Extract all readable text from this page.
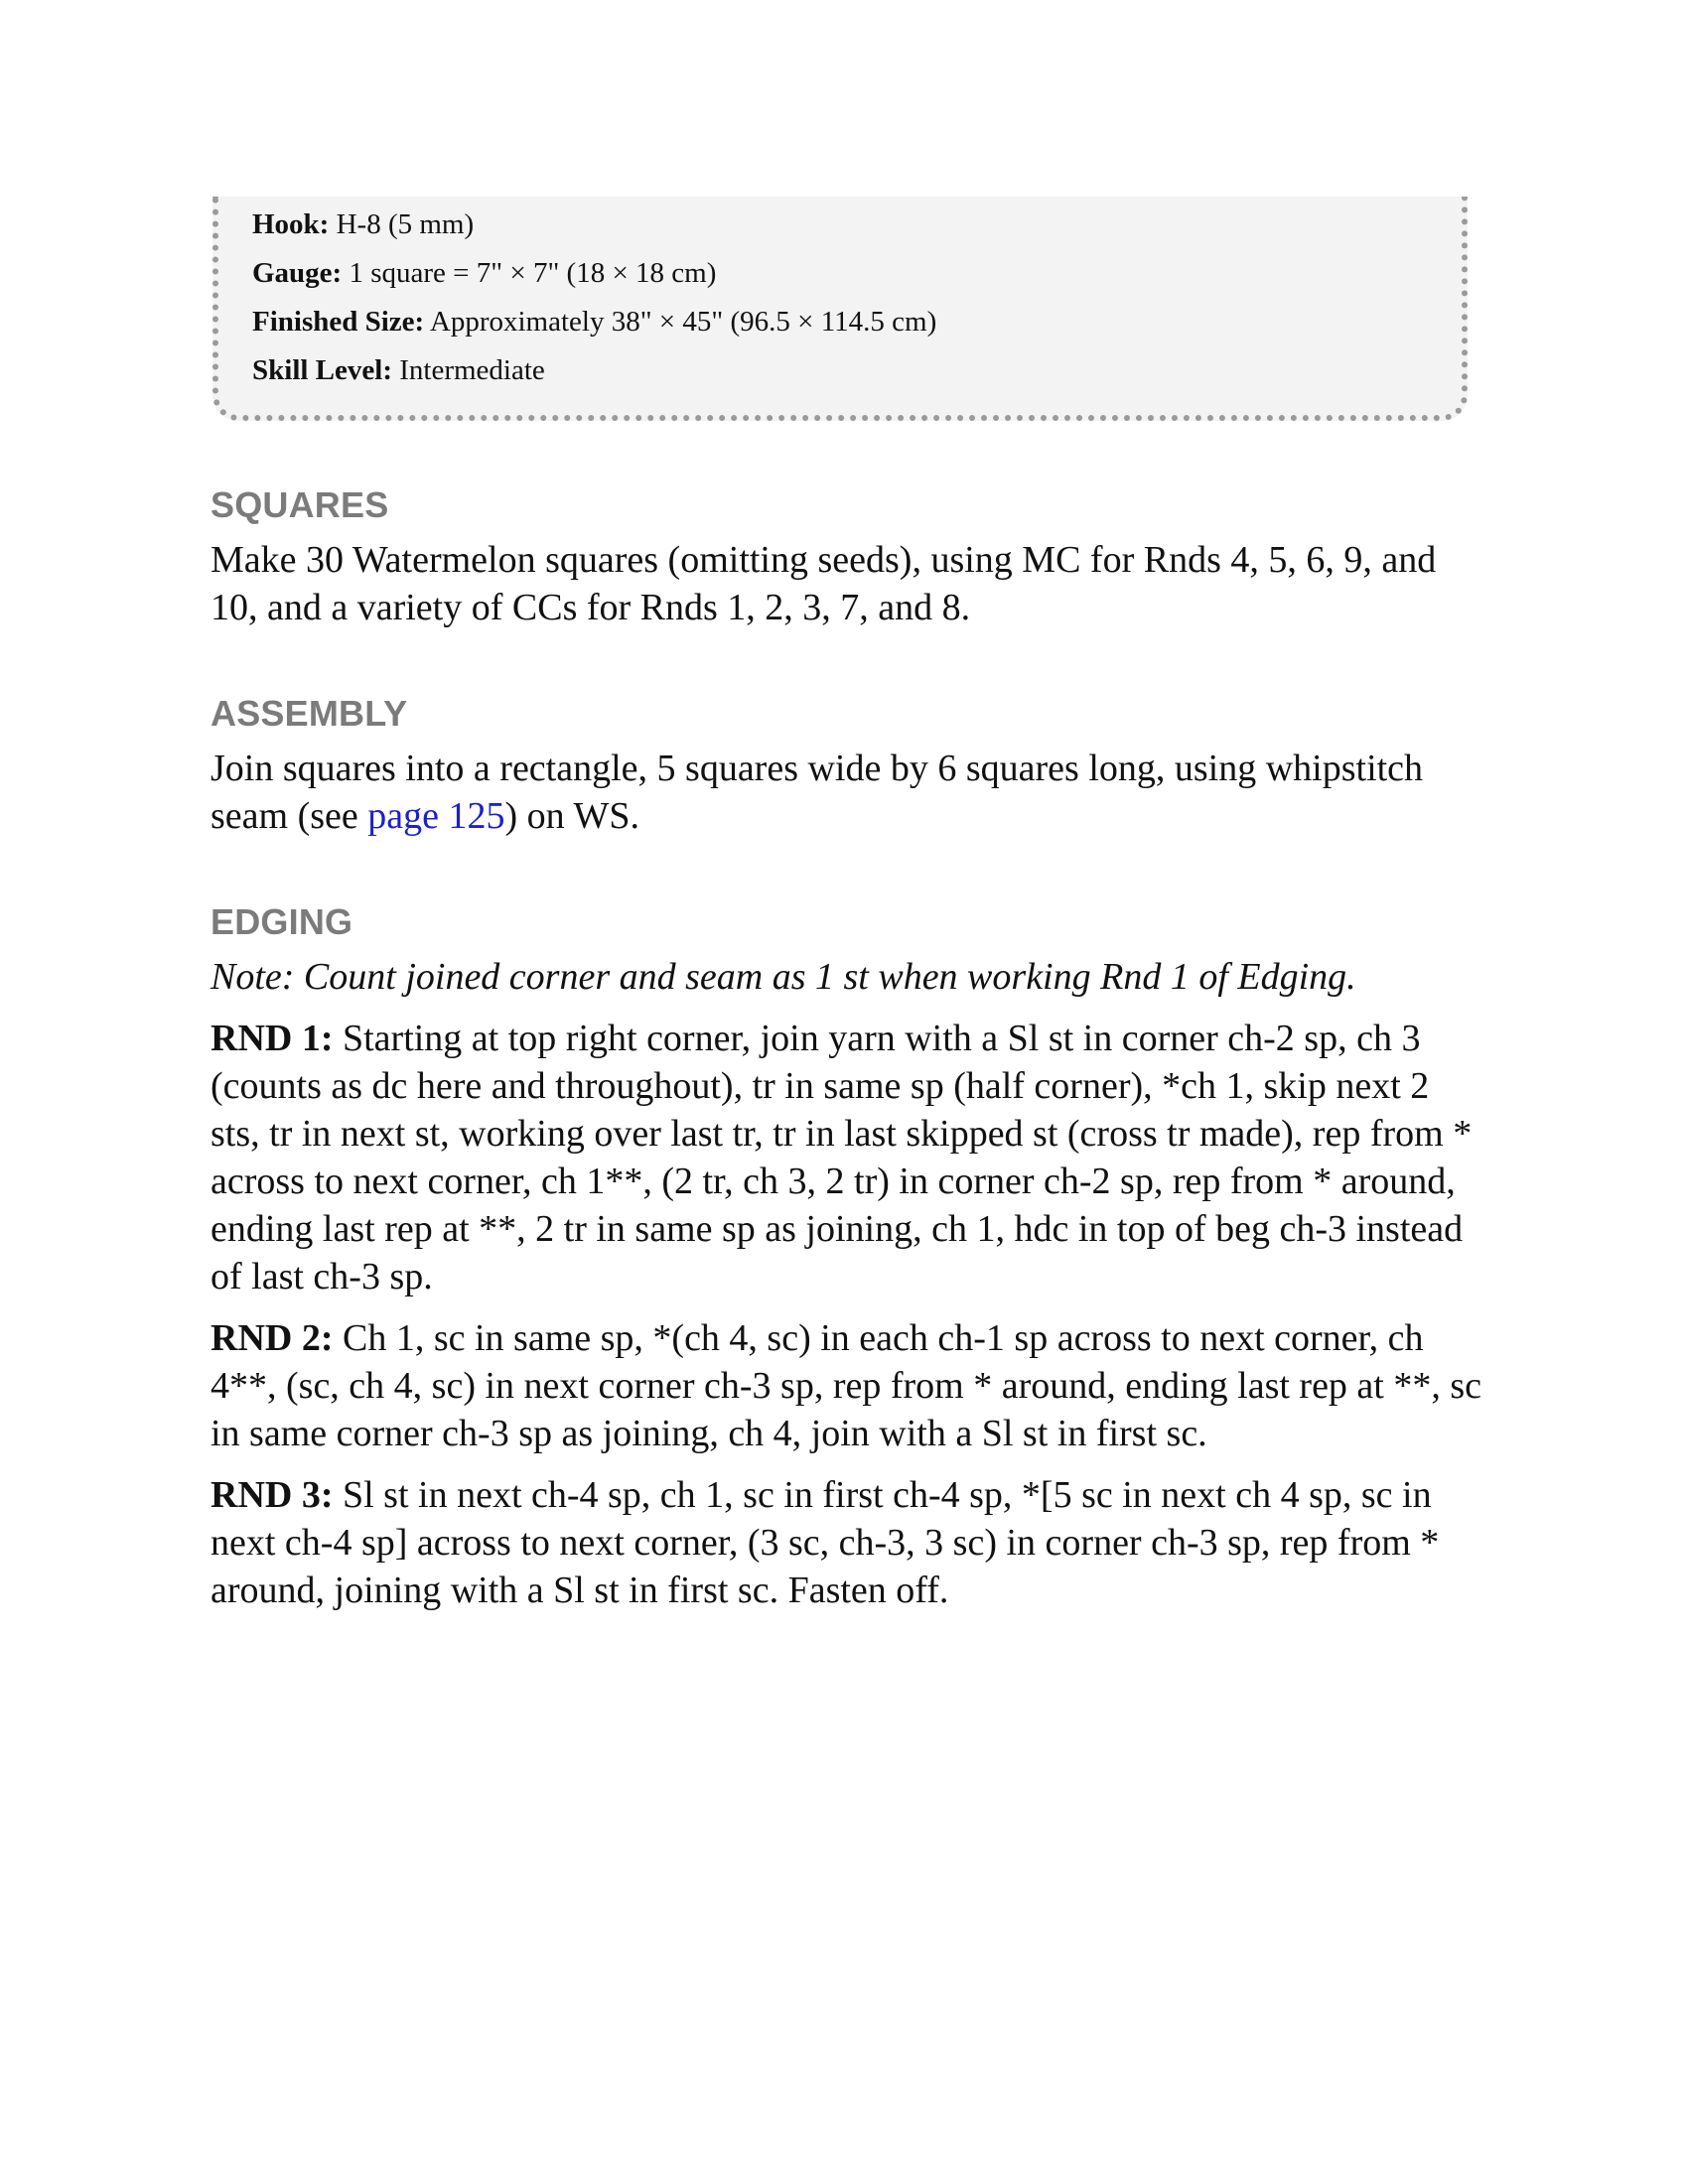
Hook: H-8 (5 mm)
Gauge: 1 square = 7" × 7" (18 × 18 cm)
Finished Size: Approximately 38" × 45" (96.5 × 114.5 cm)
Skill Level: Intermediate
SQUARES

Make 30 Watermelon squares (omitting seeds), using MC for Rnds 4, 5, 6, 9, and 10, and a variety of CCs for Rnds 1, 2, 3, 7, and 8.

ASSEMBLY

Join squares into a rectangle, 5 squares wide by 6 squares long, using whipstitch seam (see page 125) on WS.

EDGING

Note: Count joined corner and seam as 1 st when working Rnd 1 of Edging.

RND 1: Starting at top right corner, join yarn with a Sl st in corner ch-2 sp, ch 3 (counts as dc here and throughout), tr in same sp (half corner), *ch 1, skip next 2 sts, tr in next st, working over last tr, tr in last skipped st (cross tr made), rep from * across to next corner, ch 1**, (2 tr, ch 3, 2 tr) in corner ch-2 sp, rep from * around, ending last rep at **, 2 tr in same sp as joining, ch 1, hdc in top of beg ch-3 instead of last ch-3 sp.

RND 2: Ch 1, sc in same sp, *(ch 4, sc) in each ch-1 sp across to next corner, ch 4**, (sc, ch 4, sc) in next corner ch-3 sp, rep from * around, ending last rep at **, sc in same corner ch-3 sp as joining, ch 4, join with a Sl st in first sc.

RND 3: Sl st in next ch-4 sp, ch 1, sc in first ch-4 sp, *[5 sc in next ch 4 sp, sc in next ch-4 sp] across to next corner, (3 sc, ch-3, 3 sc) in corner ch-3 sp, rep from * around, joining with a Sl st in first sc. Fasten off.
